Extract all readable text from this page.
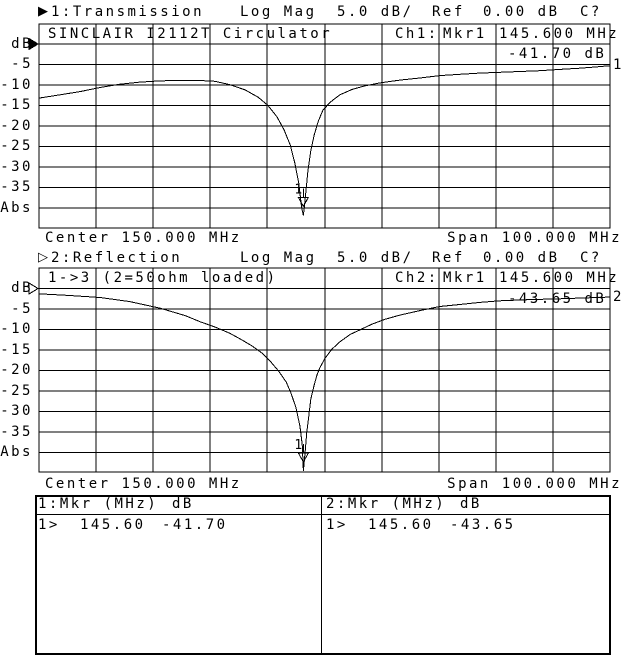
▶ 1:Transmission	Log Mag 5.0 dB/ Ref 0.00 dB C?
1
SINCLAIR I2112T Circulator	Ch1: Mkr1 145.600 MHz
-41.70 dB
dB
-5
-10
-15
-20
-25
-30
-35
Abs
1
Center 150.000 MHz	Span 100.000 MHz
▷ 2:Reflection	Log Mag 5.0 dB/ Ref 0.00 dB C?
1
1->3 (2=50ohm loaded)	Ch2: Mkr1 145.600 MHz
-43.65 dB
dB
-5
-10
-15
-20
-25
-30
-35
Abs
2
Center 150.000 MHz	Span 100.000 MHz
1:Mkr (MHz) dB
1> 145.60 -41.70
2:Mkr (MHz) dB
1> 145.60 -43.65
